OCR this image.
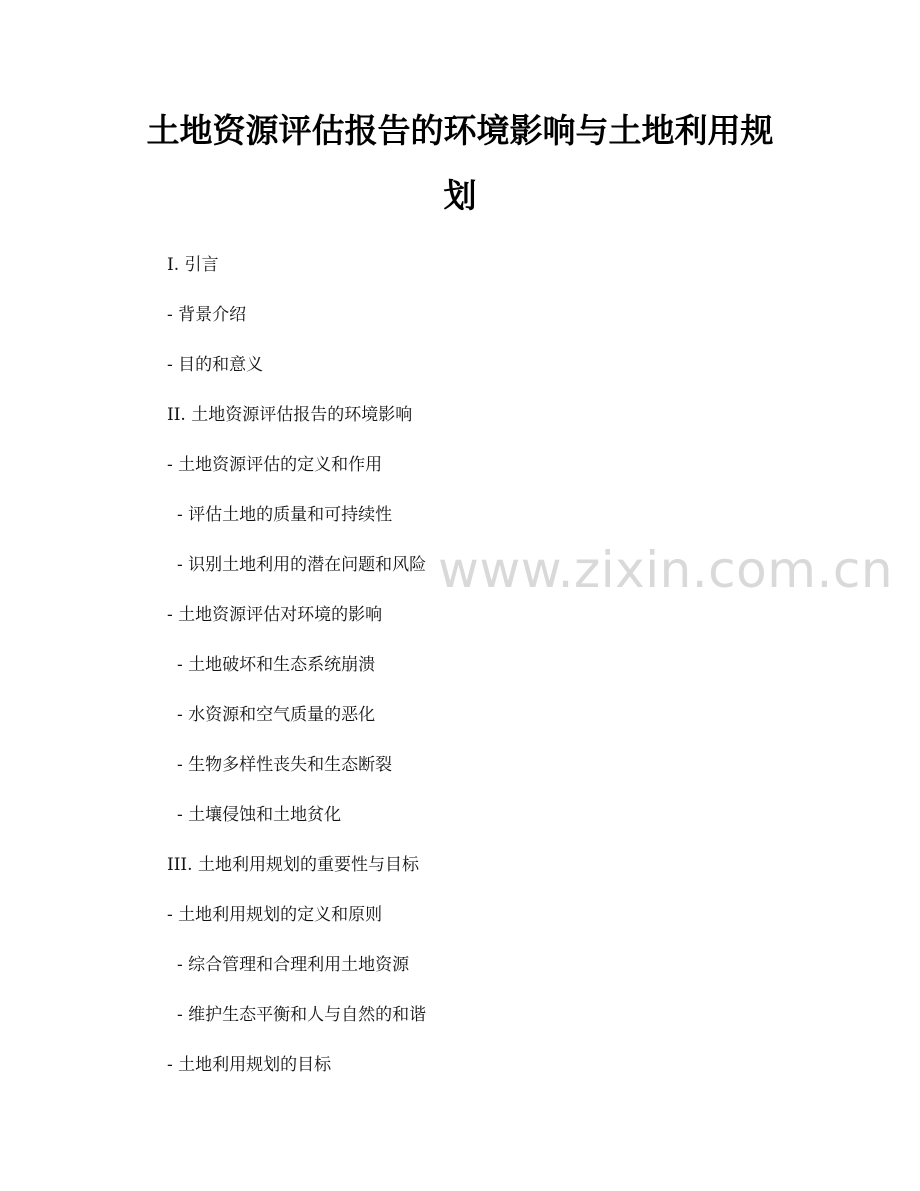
土地资源评估报告的环境影响与土地利用规
划
I. 引言
- 背景介绍
- 目的和意义
II. 土地资源评估报告的环境影响
- 土地资源评估的定义和作用
- 评估土地的质量和可持续性
- 识别土地利用的潜在问题和风险
- 土地资源评估对环境的影响
- 土地破坏和生态系统崩溃
- 水资源和空气质量的恶化
- 生物多样性丧失和生态断裂
- 土壤侵蚀和土地贫化
III. 土地利用规划的重要性与目标
- 土地利用规划的定义和原则
- 综合管理和合理利用土地资源
- 维护生态平衡和人与自然的和谐
- 土地利用规划的目标
www.zixin.com.cn
